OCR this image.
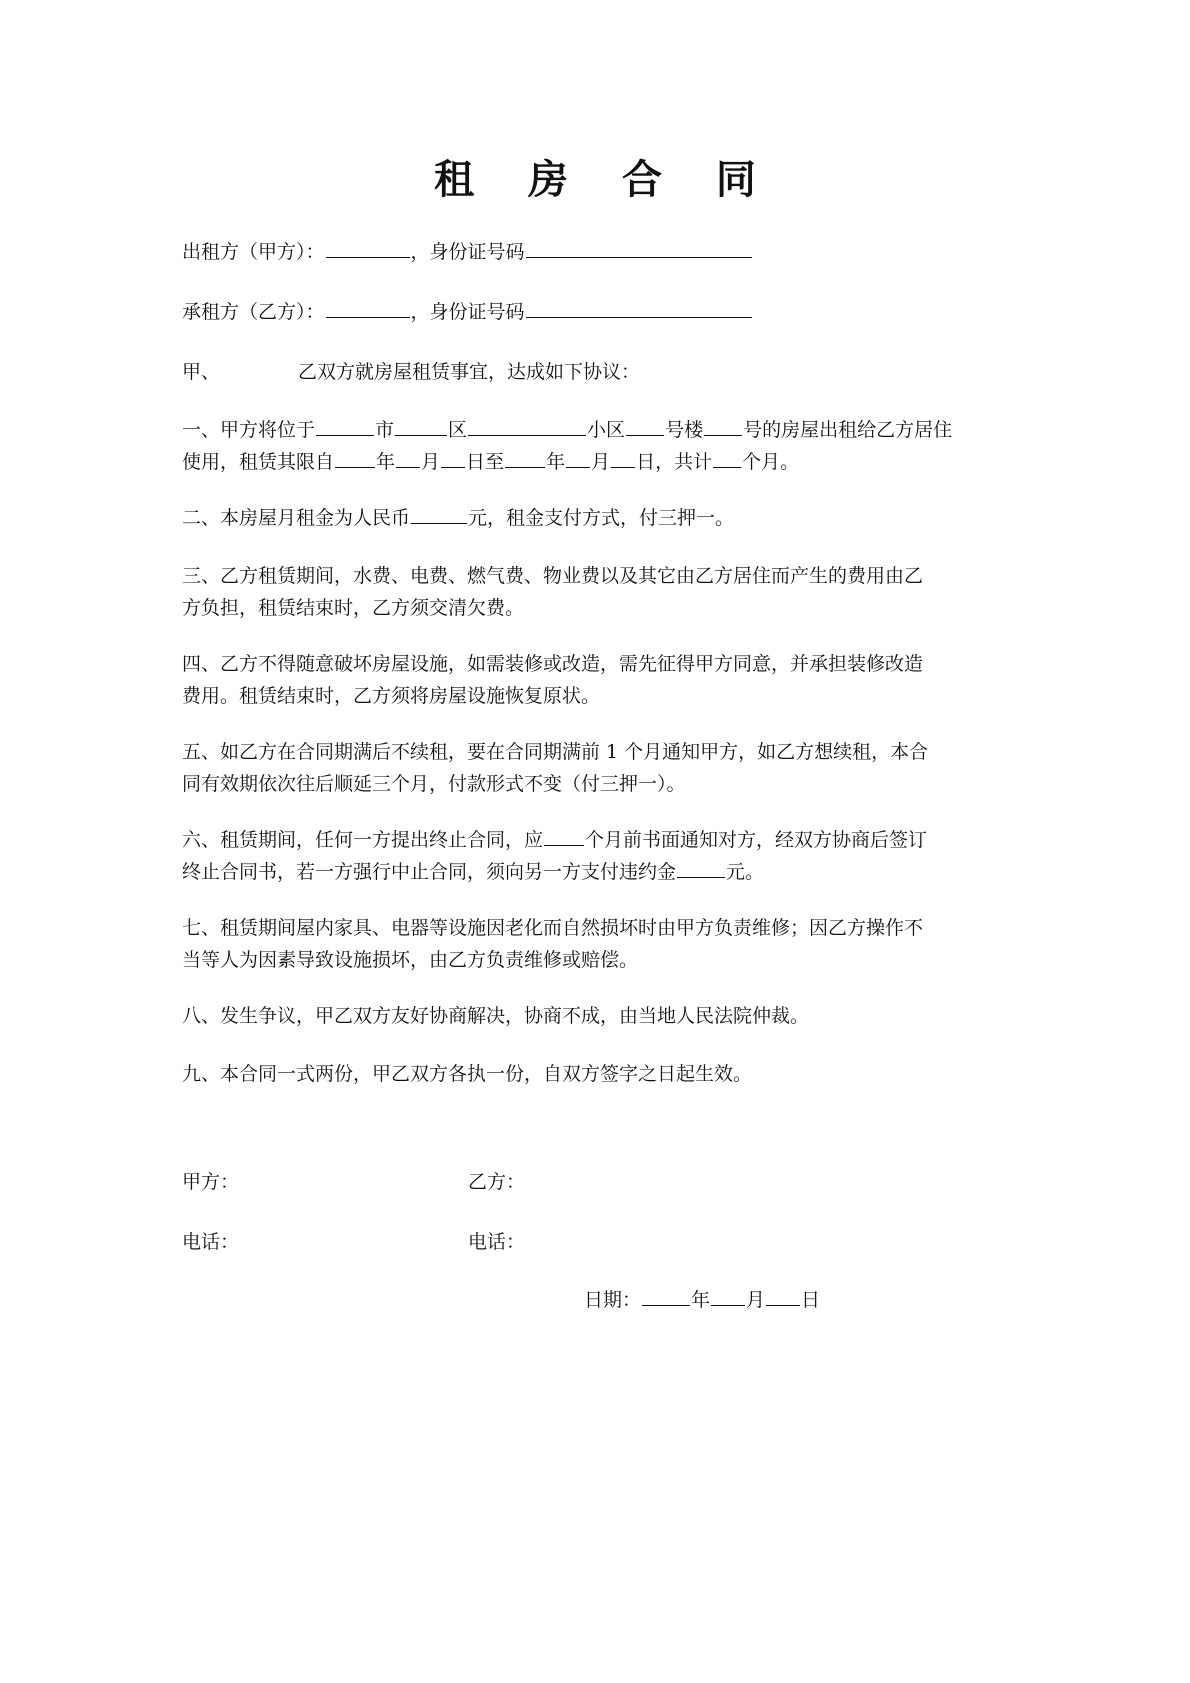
租 房 合 同
出租方（甲方）：	，身份证号码
承租方（乙方）：	，身份证号码
甲、	乙双方就房屋租赁事宜，达成如下协议：
一、甲方将位于	市	区	小区 号楼 号的房屋出租给乙方居住
使用，租赁其限自 年 月 日至 年 月 日，共计 个月。
二、本房屋月租金为人民币	元，租金支付方式，付三押一。
三、乙方租赁期间，水费、电费、燃气费、物业费以及其它由乙方居住而产生的费用由乙
方负担，租赁结束时，乙方须交清欠费。
四、乙方不得随意破坏房屋设施，如需装修或改造，需先征得甲方同意，并承担装修改造
费用。租赁结束时，乙方须将房屋设施恢复原状。
五、如乙方在合同期满后不续租，要在合同期满前 1 个月通知甲方，如乙方想续租，本合
同有效期依次往后顺延三个月，付款形式不变（付三押一）。
六、租赁期间，任何一方提出终止合同，应 个月前书面通知对方，经双方协商后签订
终止合同书，若一方强行中止合同，须向另一方支付违约金	元。
七、租赁期间屋内家具、电器等设施因老化而自然损坏时由甲方负责维修；因乙方操作不
当等人为因素导致设施损坏，由乙方负责维修或赔偿。
八、发生争议，甲乙双方友好协商解决，协商不成，由当地人民法院仲裁。
九、本合同一式两份，甲乙双方各执一份，自双方签字之日起生效。
甲方：	乙方：
电话：	电话：
日期：	年 月 日
